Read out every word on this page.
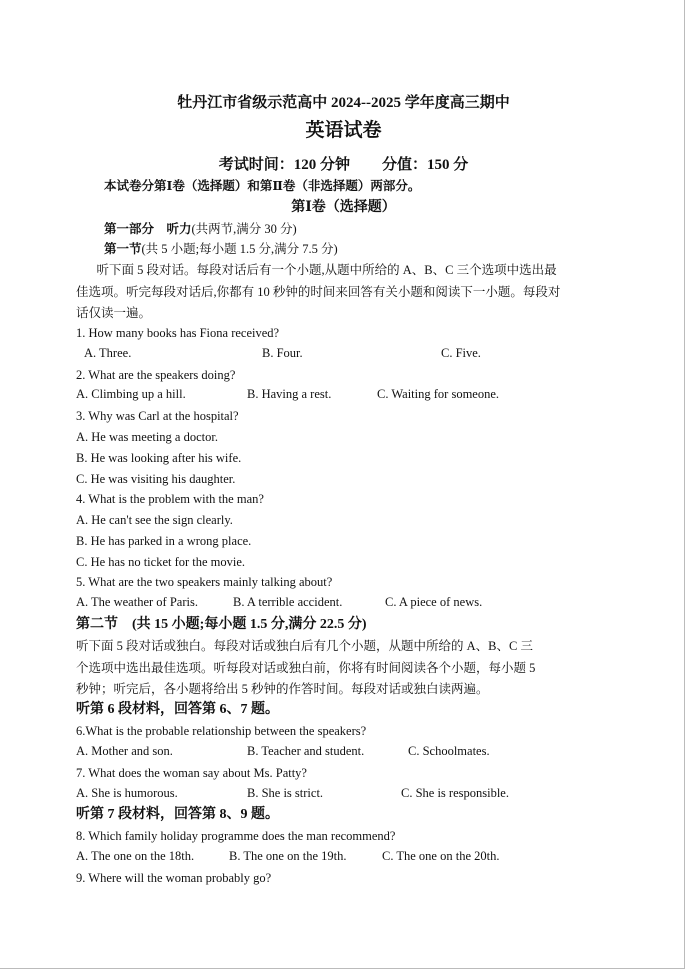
牡丹江市省级示范高中 2024--2025 学年度高三期中
英语试卷
考试时间：120 分钟 分值：150 分
本试卷分第Ⅰ卷（选择题）和第Ⅱ卷（非选择题）两部分。
第Ⅰ卷（选择题）
第一部分　听力(共两节,满分 30 分)
第一节(共 5 小题;每小题 1.5 分,满分 7.5 分)
　听下面 5 段对话。每段对话后有一个小题,从题中所给的 A、B、C 三个选项中选出最
佳选项。听完每段对话后,你都有 10 秒钟的时间来回答有关小题和阅读下一小题。每段对
话仅读一遍。
1. How many books has Fiona received?
A. Three.	B. Four.	C. Five.
2. What are the speakers doing?
A. Climbing up a hill.	B. Having a rest.	C. Waiting for someone.
3. Why was Carl at the hospital?
A. He was meeting a doctor.
B. He was looking after his wife.
C. He was visiting his daughter.
4. What is the problem with the man?
A. He can't see the sign clearly.
B. He has parked in a wrong place.
C. He has no ticket for the movie.
5. What are the two speakers mainly talking about?
A. The weather of Paris.	B. A terrible accident.	C. A piece of news.
第二节　(共 15 小题;每小题 1.5 分,满分 22.5 分)
听下面 5 段对话或独白。每段对话或独白后有几个小题，从题中所给的 A、B、C 三
个选项中选出最佳选项。听每段对话或独白前，你将有时间阅读各个小题，每小题 5
秒钟；听完后，各小题将给出 5 秒钟的作答时间。每段对话或独白读两遍。
听第 6 段材料，回答第 6、7 题。
6.What is the probable relationship between the speakers?
A. Mother and son.	B. Teacher and student.	C. Schoolmates.
7. What does the woman say about Ms. Patty?
A. She is humorous.	B. She is strict.	C. She is responsible.
听第 7 段材料，回答第 8、9 题。
8. Which family holiday programme does the man recommend?
A. The one on the 18th.	B. The one on the 19th.	C. The one on the 20th.
9. Where will the woman probably go?
